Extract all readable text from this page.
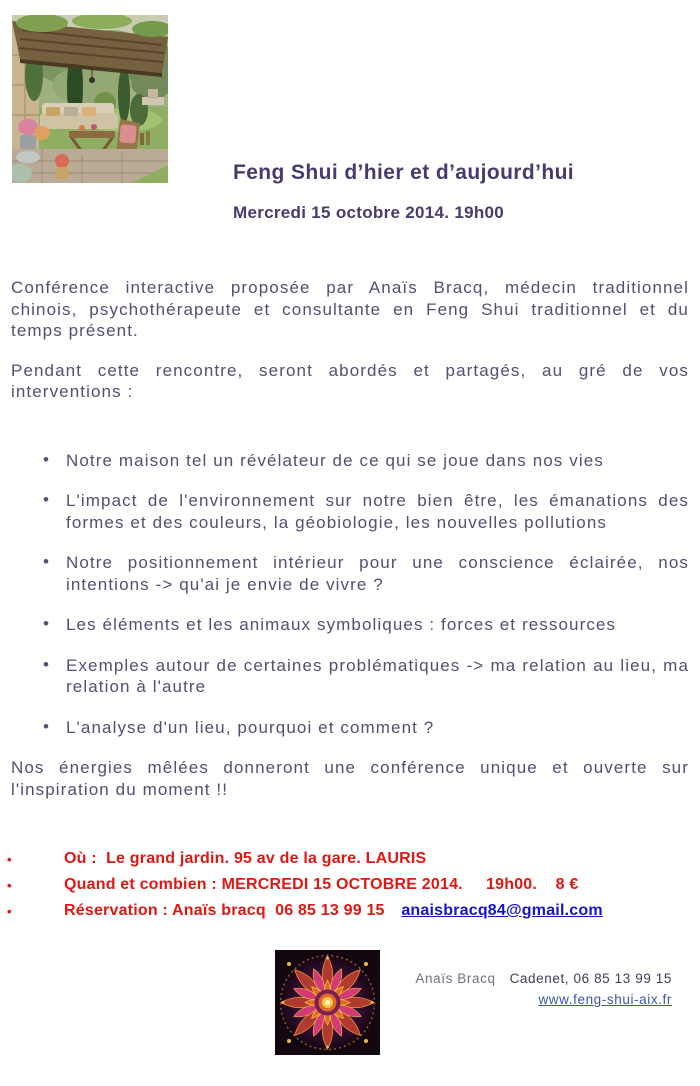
Feng Shui d’hier et d’aujourd’hui
Mercredi 15 octobre 2014. 19h00

Conférence interactive proposée par Anaïs Bracq, médecin traditionnel chinois, psychothérapeute et consultante en Feng Shui traditionnel et du temps présent.

Pendant cette rencontre, seront abordés et partagés, au gré de vos interventions :

• Notre maison tel un révélateur de ce qui se joue dans nos vies
• L'impact de l'environnement sur notre bien être, les émanations des formes et des couleurs, la géobiologie, les nouvelles pollutions
• Notre positionnement intérieur pour une conscience éclairée, nos intentions -> qu'ai je envie de vivre ?
• Les éléments et les animaux symboliques : forces et ressources
• Exemples autour de certaines problématiques -> ma relation au lieu, ma relation à l'autre
• L'analyse d'un lieu, pourquoi et comment ?

Nos énergies mêlées donneront une conférence unique et ouverte sur l'inspiration du moment !!

•	Où :  Le grand jardin. 95 av de la gare. LAURIS
•	Quand et combien : MERCREDI 15 OCTOBRE 2014.     19h00.    8 €
•	Réservation : Anaïs bracq  06 85 13 99 15 anaisbracq84@gmail.com
Anaïs Bracq Cadenet, 06 85 13 99 15
www.feng-shui-aix.fr
